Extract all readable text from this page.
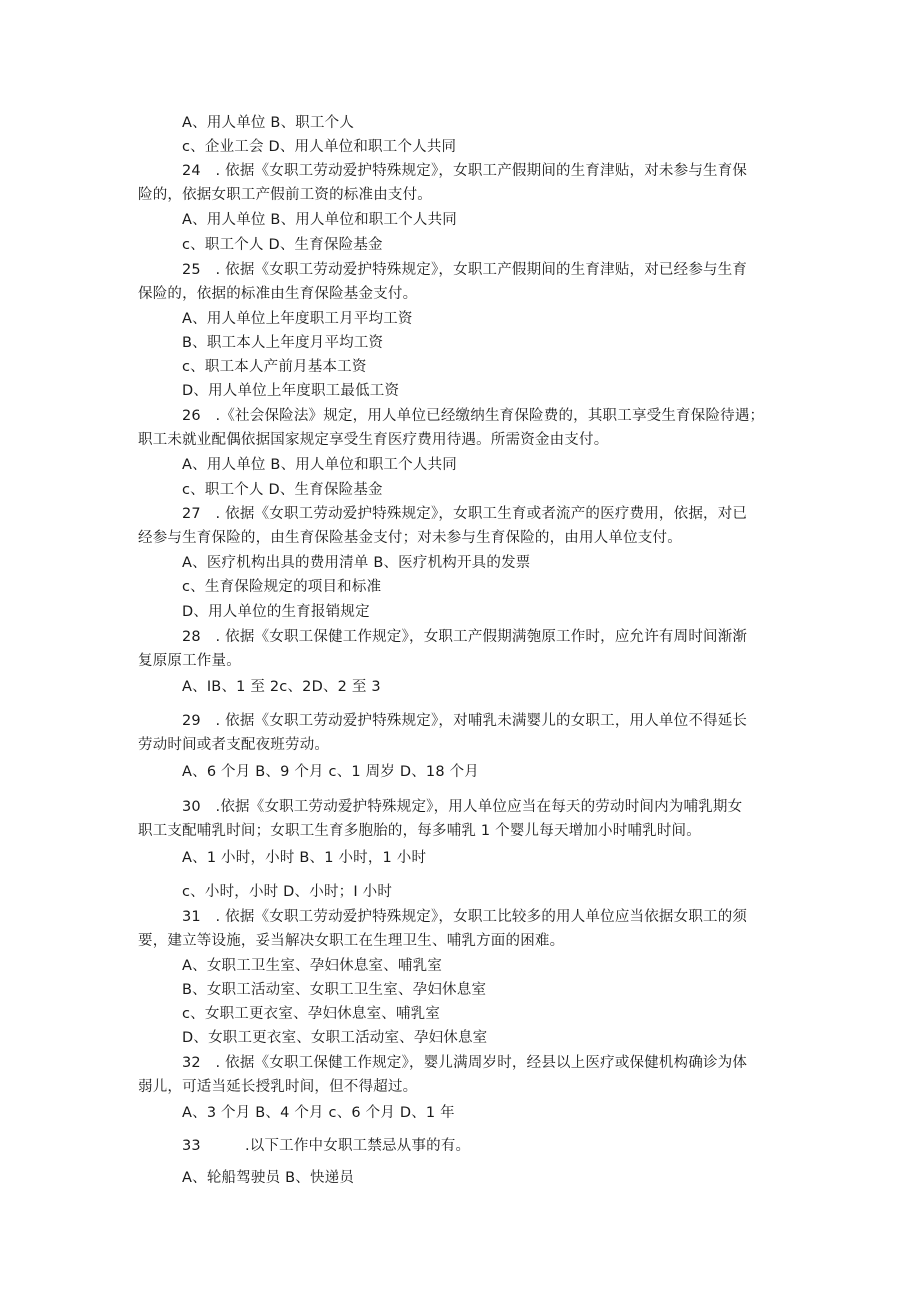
A、用人单位 B、职工个人
c、企业工会 D、用人单位和职工个人共同
24　. 依据《女职工劳动爱护特殊规定》，女职工产假期间的生育津贴，对未参与生育保
险的，依据女职工产假前工资的标准由支付。
A、用人单位 B、用人单位和职工个人共同
c、职工个人 D、生育保险基金
25　. 依据《女职工劳动爱护特殊规定》，女职工产假期间的生育津贴，对已经参与生育
保险的，依据的标准由生育保险基金支付。
A、用人单位上年度职工月平均工资
B、职工本人上年度月平均工资
c、职工本人产前月基本工资
D、用人单位上年度职工最低工资
26　.《社会保险法》规定，用人单位已经缴纳生育保险费的，其职工享受生育保险待遇；
职工未就业配偶依据国家规定享受生育医疗费用待遇。所需资金由支付。
A、用人单位 B、用人单位和职工个人共同
c、职工个人 D、生育保险基金
27　. 依据《女职工劳动爱护特殊规定》，女职工生育或者流产的医疗费用，依据，对已
经参与生育保险的，由生育保险基金支付；对未参与生育保险的，由用人单位支付。
A、医疗机构出具的费用清单 B、医疗机构开具的发票
c、生育保险规定的项目和标准
D、用人单位的生育报销规定
28　. 依据《女职工保健工作规定》，女职工产假期满匏原工作时，应允许有周时间渐渐
复原原工作量。
A、IB、1 至 2c、2D、2 至 3
29　. 依据《女职工劳动爱护特殊规定》，对哺乳未满婴儿的女职工，用人单位不得延长
劳动时间或者支配夜班劳动。
A、6 个月 B、9 个月 c、1 周岁 D、18 个月
30　.依据《女职工劳动爱护特殊规定》，用人单位应当在每天的劳动时间内为哺乳期女
职工支配哺乳时间；女职工生育多胞胎的，每多哺乳 1 个婴儿每天增加小时哺乳时间。
A、1 小时，小时 B、1 小时，1 小时
c、小时，小时 D、小时；I 小时
31　. 依据《女职工劳动爱护特殊规定》，女职工比较多的用人单位应当依据女职工的须
要，建立等设施，妥当解决女职工在生理卫生、哺乳方面的困难。
A、女职工卫生室、孕妇休息室、哺乳室
B、女职工活动室、女职工卫生室、孕妇休息室
c、女职工更衣室、孕妇休息室、哺乳室
D、女职工更衣室、女职工活动室、孕妇休息室
32　. 依据《女职工保健工作规定》，婴儿满周岁时，经县以上医疗或保健机构确诊为体
弱儿，可适当延长授乳时间，但不得超过。
A、3 个月 B、4 个月 c、6 个月 D、1 年
33　　　.以下工作中女职工禁忌从事的有。
A、轮船驾驶员 B、快递员
